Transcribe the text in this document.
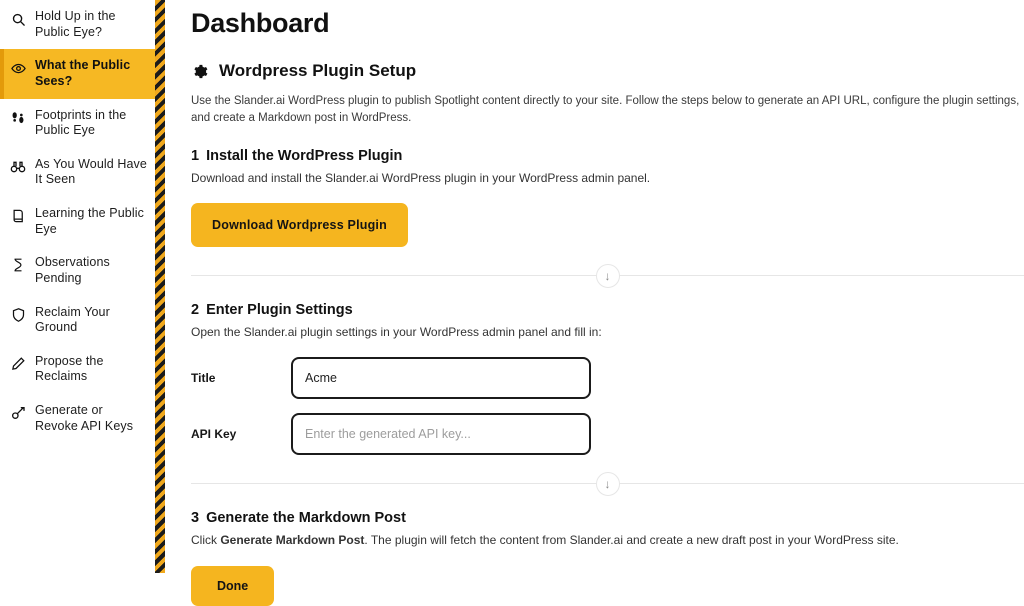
Hold Up in the Public Eye?
What the Public Sees?
Footprints in the Public Eye
As You Would Have It Seen
Learning the Public Eye
Observations Pending
Reclaim Your Ground
Propose the Reclaims
Generate or Revoke API Keys
Dashboard
Wordpress Plugin Setup

Use the Slander.ai WordPress plugin to publish Spotlight content directly to your site. Follow the steps below to generate an API URL, configure the plugin settings, and create a Markdown post in WordPress.

1 Install the WordPress Plugin

Download and install the Slander.ai WordPress plugin in your WordPress admin panel.

Download Wordpress Plugin
↓
2 Enter Plugin Settings

Open the Slander.ai plugin settings in your WordPress admin panel and fill in:

Title
Acme
API Key
Enter the generated API key...
↓
3 Generate the Markdown Post

Click Generate Markdown Post. The plugin will fetch the content from Slander.ai and create a new draft post in your WordPress site.

Done
